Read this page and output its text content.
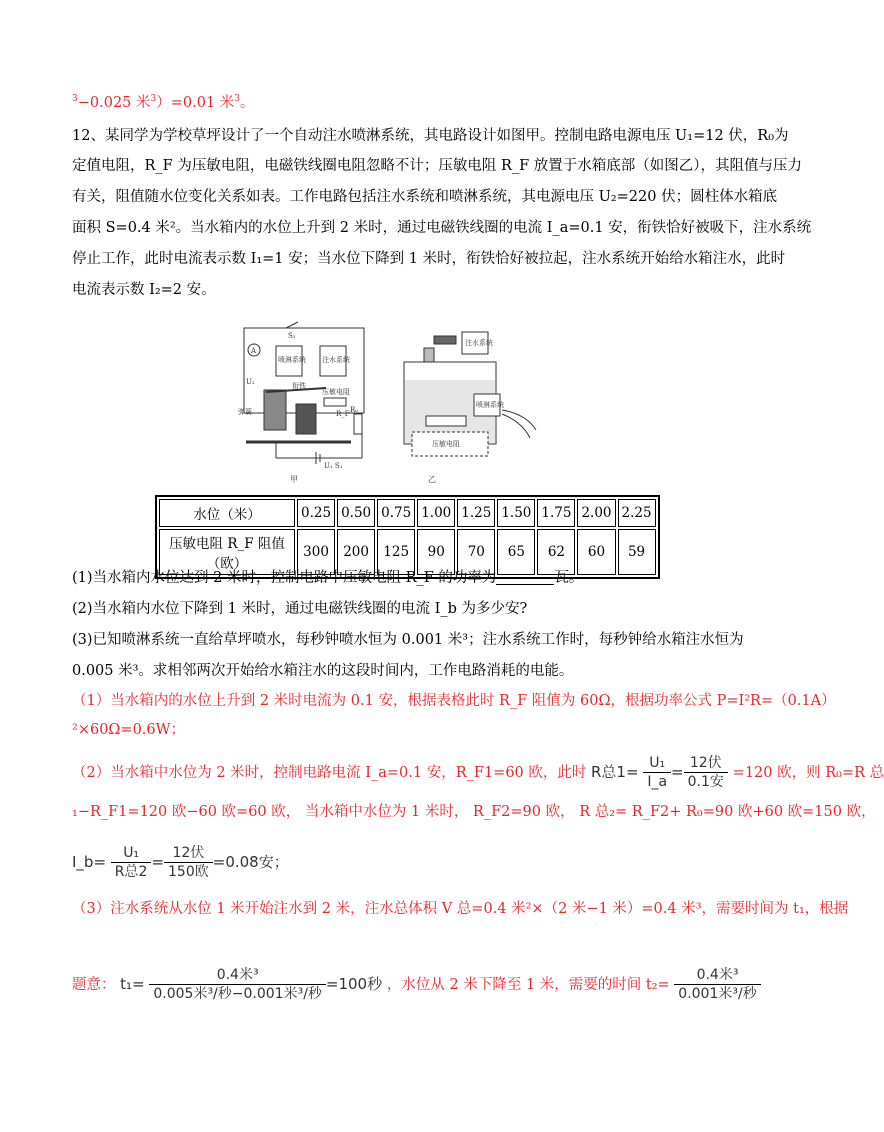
$^3$−0.025 米$^3$）=0.01 米$^3$。
12、某同学为学校草坪设计了一个自动注水喷淋系统，其电路设计如图甲。控制电路电源电压 U₁=12 伏，R₀为
定值电阻，R_F 为压敏电阻，电磁铁线圈电阻忽略不计；压敏电阻 R_F 放置于水箱底部（如图乙），其阻值与压力
有关，阻值随水位变化关系如表。工作电路包括注水系统和喷淋系统，其电源电压 U₂=220 伏；圆柱体水箱底
面积 S=0.4 米²。当水箱内的水位上升到 2 米时，通过电磁铁线圈的电流 I_a=0.1 安，衔铁恰好被吸下，注水系统
停止工作，此时电流表示数 I₁=1 安；当水位下降到 1 米时，衔铁恰好被拉起，注水系统开始给水箱注水，此时
电流表示数 I₂=2 安。
喷淋系统 注水系统
A
S₂
U₂	衔铁
弹簧
压敏电阻
R_F R₀
U₁ S₁
注水系统
喷淋系统
压敏电阻
甲	乙
水位（米）	0.25	0.50	0.75	1.00	1.25	1.50	1.75	2.00	2.25
压敏电阻 R_F 阻值（欧）	300	200	125	90	70	65	62	60	59
(1)当水箱内水位达到 2 米时，控制电路中压敏电阻 R_F 的功率为	瓦。
(2)当水箱内水位下降到 1 米时，通过电磁铁线圈的电流 I_b 为多少安?
(3)已知喷淋系统一直给草坪喷水，每秒钟喷水恒为 0.001 米³；注水系统工作时，每秒钟给水箱注水恒为
0.005 米³。求相邻两次开始给水箱注水的这段时间内，工作电路消耗的电能。
（1）当水箱内的水位上升到 2 米时电流为 0.1 安，根据表格此时 R_F 阻值为 60Ω，根据功率公式 P=I²R=（0.1A）
²×60Ω=0.6W；
（2）当水箱中水位为 2 米时，控制电路电流 I_a=0.1 安，R_F1=60 欧，此时 R总$1= \frac{\text{U₁}}{I\_a} = \frac{\text{12伏}}{\text{0.1安}} =120$ 欧，则 R₀=R 总
₁−R_F1=120 欧−60 欧=60 欧， 当水箱中水位为 1 米时， R_F2=90 欧， R 总₂= R_F2+ R₀=90 欧+60 欧=150 欧，
I_b= $\frac{\text{U₁}}{\text{R总2}} = \frac{\text{12伏}}{\text{150欧}} =0.08$安；
（3）注水系统从水位 1 米开始注水到 2 米，注水总体积 V 总=0.4 米²×（2 米−1 米）=0.4 米³，需要时间为 t₁，根据
题意： $t_1= \frac{\text{0.4米³}}{\text{0.005米³/秒−0.001米³/秒}} =100$秒 ，水位从 2 米下降至 1 米，需要的时间 $t_2= \frac{\text{0.4米³}}{\text{0.001米³/秒}}$
